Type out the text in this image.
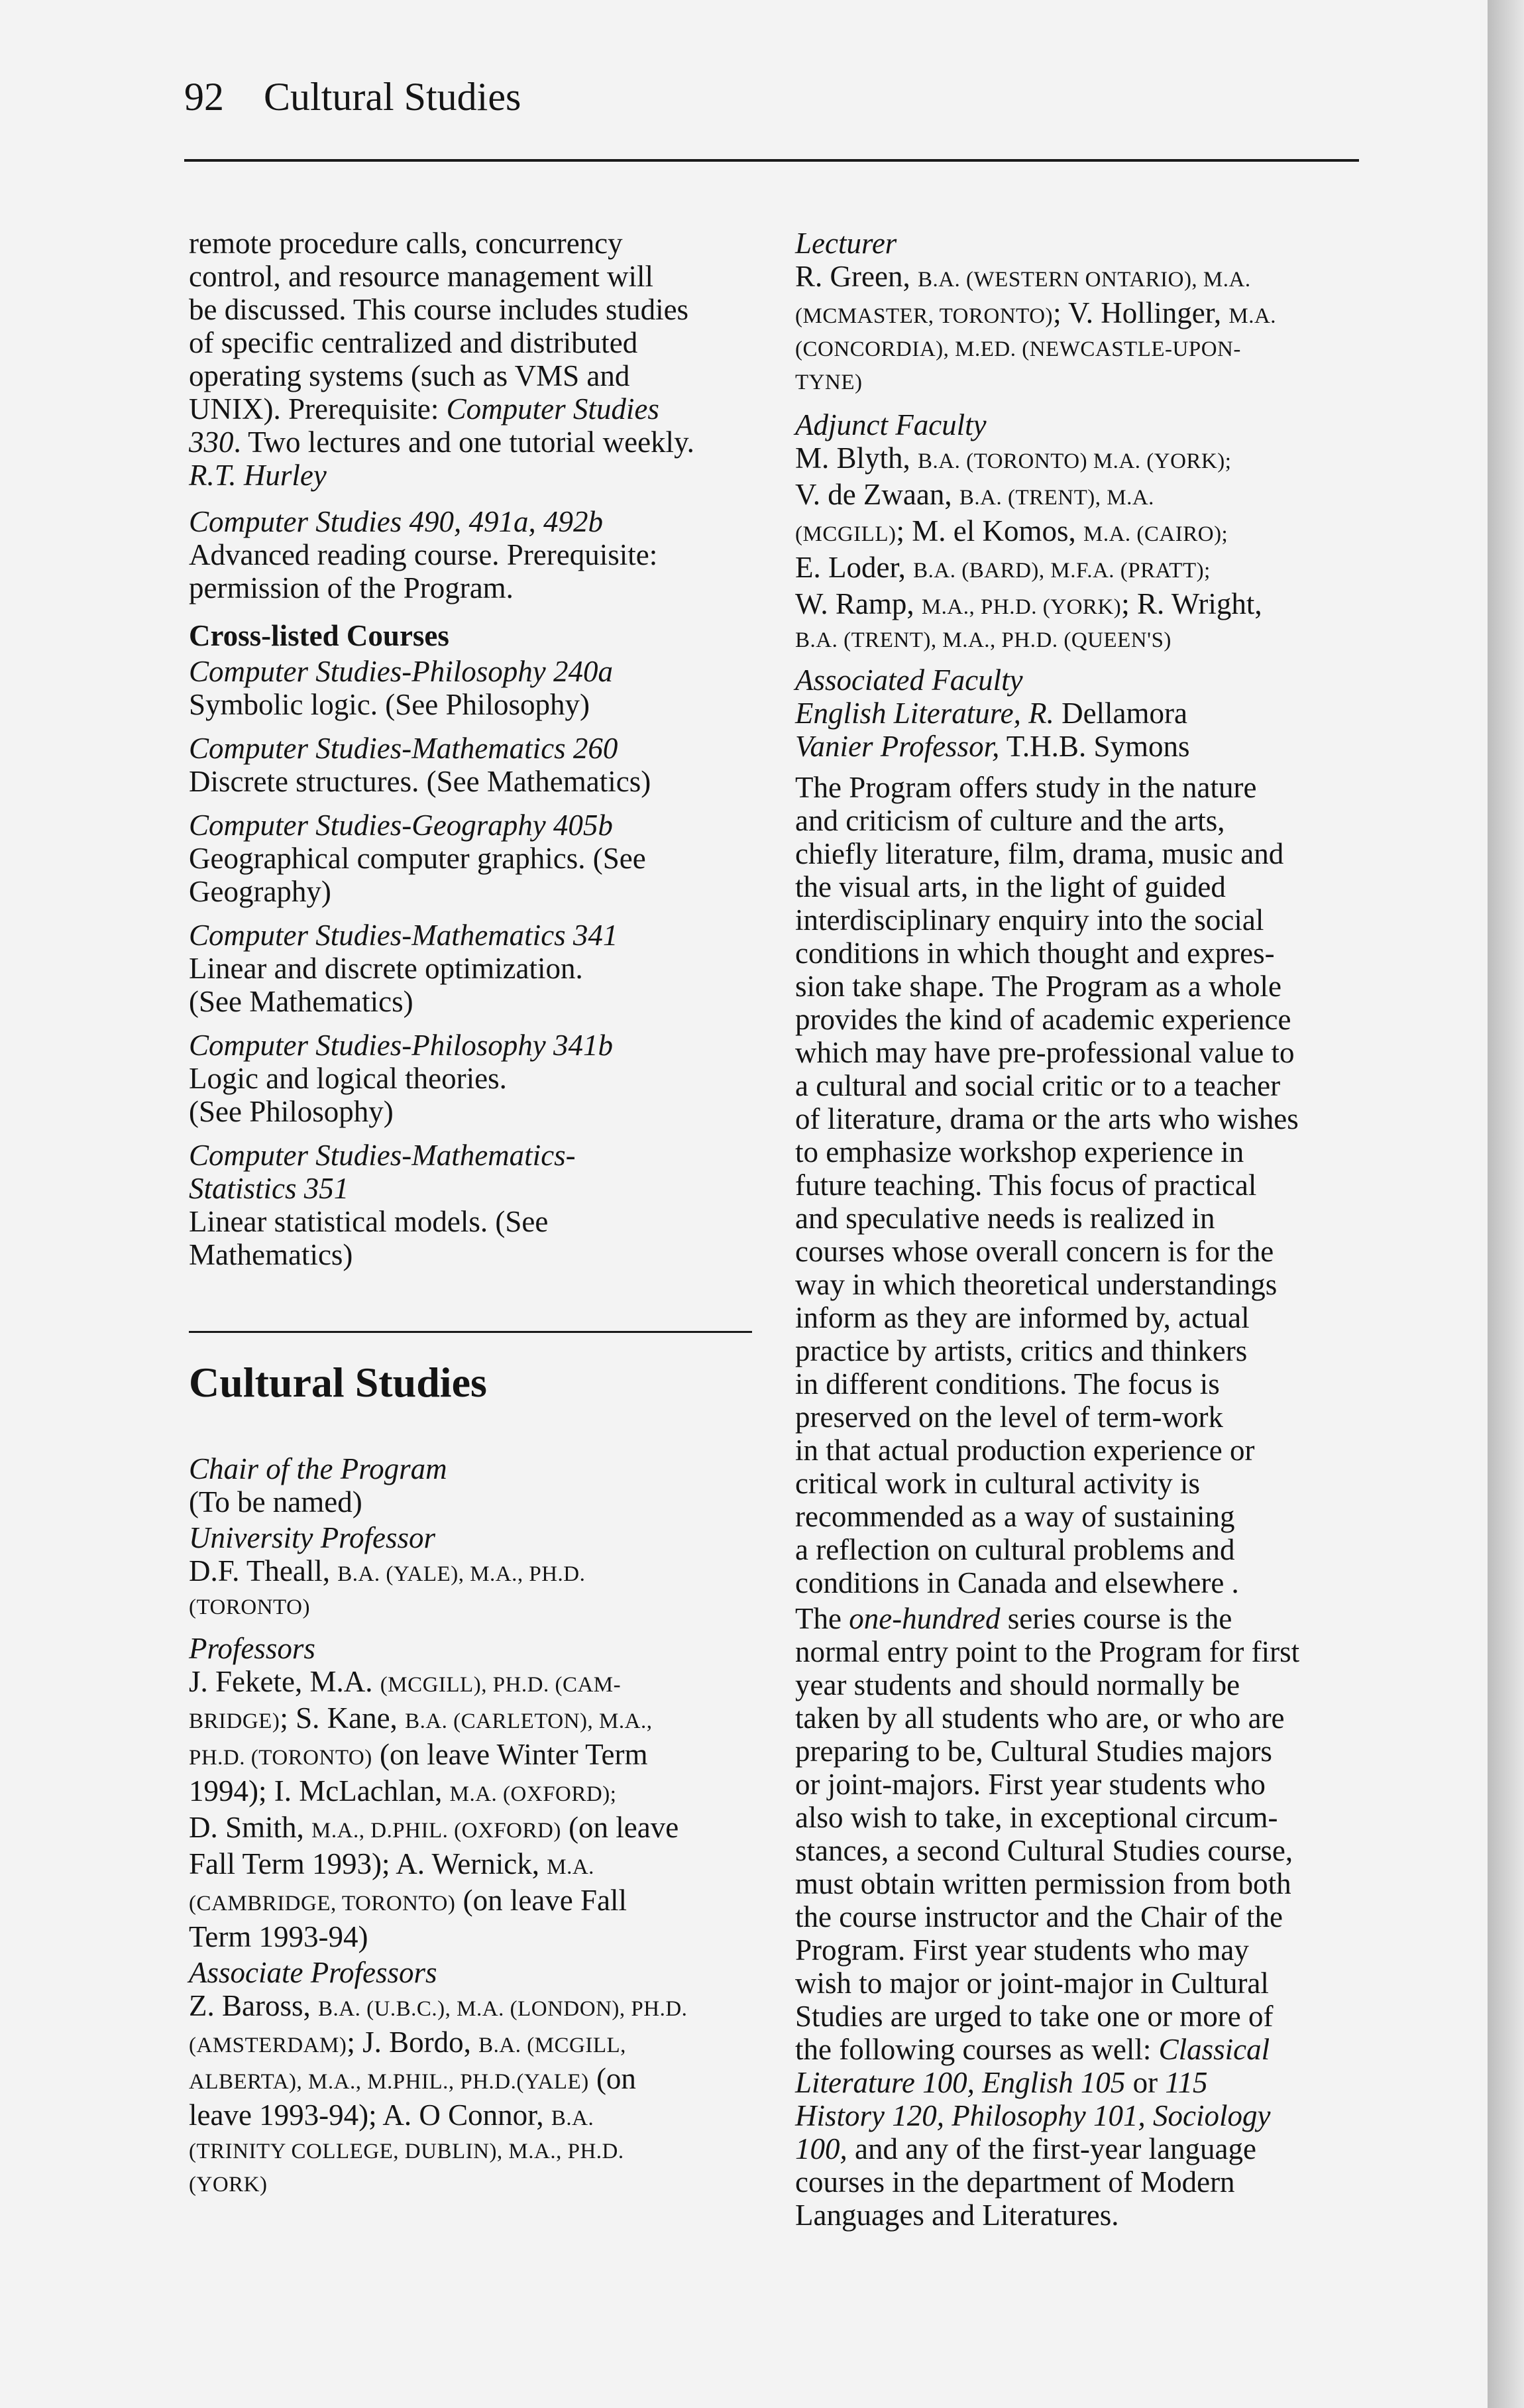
92 Cultural Studies
remote procedure calls, concurrency
control, and resource management will
be discussed. This course includes studies
of specific centralized and distributed
operating systems (such as VMS and
UNIX). Prerequisite: Computer Studies
330. Two lectures and one tutorial weekly.
R.T. Hurley
Computer Studies 490, 491a, 492b
Advanced reading course. Prerequisite:
permission of the Program.
Cross-listed Courses
Computer Studies-Philosophy 240a
Symbolic logic. (See Philosophy)
Computer Studies-Mathematics 260
Discrete structures. (See Mathematics)
Computer Studies-Geography 405b
Geographical computer graphics. (See
Geography)
Computer Studies-Mathematics 341
Linear and discrete optimization.
(See Mathematics)
Computer Studies-Philosophy 341b
Logic and logical theories.
(See Philosophy)
Computer Studies-Mathematics-
Statistics 351
Linear statistical models. (See
Mathematics)
Cultural Studies
Chair of the Program
(To be named)
University Professor
D.F. Theall, B.A. (YALE), M.A., PH.D.
(TORONTO)
Professors
J. Fekete, M.A. (MCGILL), PH.D. (CAM-
BRIDGE); S. Kane, B.A. (CARLETON), M.A.,
PH.D. (TORONTO) (on leave Winter Term
1994); I. McLachlan, M.A. (OXFORD);
D. Smith, M.A., D.PHIL. (OXFORD) (on leave
Fall Term 1993); A. Wernick, M.A.
(CAMBRIDGE, TORONTO) (on leave Fall
Term 1993-94)
Associate Professors
Z. Baross, B.A. (U.B.C.), M.A. (LONDON), PH.D.
(AMSTERDAM); J. Bordo, B.A. (MCGILL,
ALBERTA), M.A., M.PHIL., PH.D.(YALE) (on
leave 1993-94); A. O Connor, B.A.
(TRINITY COLLEGE, DUBLIN), M.A., PH.D.
(YORK)
Lecturer
R. Green, B.A. (WESTERN ONTARIO), M.A.
(MCMASTER, TORONTO); V. Hollinger, M.A.
(CONCORDIA), M.ED. (NEWCASTLE-UPON-
TYNE)
Adjunct Faculty
M. Blyth, B.A. (TORONTO) M.A. (YORK);
V. de Zwaan, B.A. (TRENT), M.A.
(MCGILL); M. el Komos, M.A. (CAIRO);
E. Loder, B.A. (BARD), M.F.A. (PRATT);
W. Ramp, M.A., PH.D. (YORK); R. Wright,
B.A. (TRENT), M.A., PH.D. (QUEEN'S)
Associated Faculty
English Literature, R. Dellamora
Vanier Professor, T.H.B. Symons
The Program offers study in the nature
and criticism of culture and the arts,
chiefly literature, film, drama, music and
the visual arts, in the light of guided
interdisciplinary enquiry into the social
conditions in which thought and expres-
sion take shape. The Program as a whole
provides the kind of academic experience
which may have pre-professional value to
a cultural and social critic or to a teacher
of literature, drama or the arts who wishes
to emphasize workshop experience in
future teaching. This focus of practical
and speculative needs is realized in
courses whose overall concern is for the
way in which theoretical understandings
inform as they are informed by, actual
practice by artists, critics and thinkers
in different conditions. The focus is
preserved on the level of term-work
in that actual production experience or
critical work in cultural activity is
recommended as a way of sustaining
a reflection on cultural problems and
conditions in Canada and elsewhere .
The one-hundred series course is the
normal entry point to the Program for first
year students and should normally be
taken by all students who are, or who are
preparing to be, Cultural Studies majors
or joint-majors. First year students who
also wish to take, in exceptional circum-
stances, a second Cultural Studies course,
must obtain written permission from both
the course instructor and the Chair of the
Program. First year students who may
wish to major or joint-major in Cultural
Studies are urged to take one or more of
the following courses as well: Classical
Literature 100, English 105 or 115
History 120, Philosophy 101, Sociology
100, and any of the first-year language
courses in the department of Modern
Languages and Literatures.
